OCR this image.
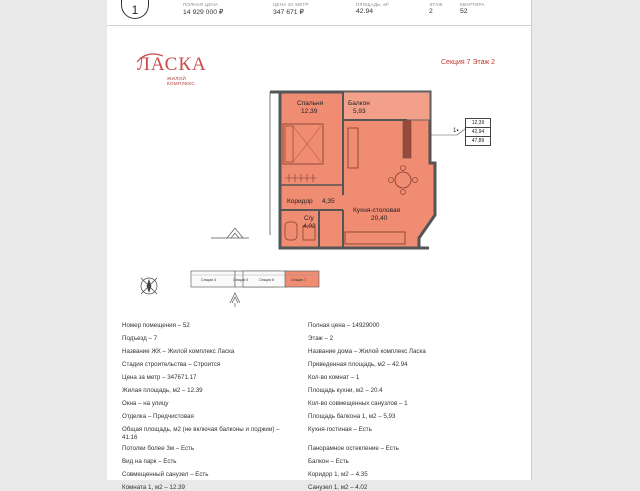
1	ПОЛНАЯ ЦЕНА
14 929 000 ₽
ЦЕНА ЗА МЕТР
347 671 ₽
ПЛОЩАДЬ, М²
42.94
ЭТАЖ
2
КВАРТИРА
52
ЛАСКА
ЖИЛОЙ КОМПЛЕКС
Секция 7 Этаж 2
Спальня
12,39
Балкон
5,93
Коридор 4,35
С/у
4,02
Кухня-столовая
20,40
Секция 4	Секция 5	Секция 6	Секция 7
1▪
12,39
42,94
47,89
Номер помещения – 52
Подъезд – 7
Название ЖК – Жилой комплекс Ласка
Стадия строительства – Строится
Цена за метр – 347671.17
Жилая площадь, м2 – 12.39
Окна – на улицу
Отделка – Предчистовая
Общая площадь, м2 (не включая балконы и лоджии) – 41.16
Потолки более 3м – Есть
Вид на парк – Есть
Совмещенный санузел – Есть
Комната 1, м2 – 12.39
Полная цена – 14929000
Этаж – 2
Название дома – Жилой комплекс Ласка
Приведенная площадь, м2 – 42.94
Кол-во комнат – 1
Площадь кухни, м2 – 20.4
Кол-во совмещенных санузлов – 1
Площадь балкона 1, м2 – 5,93
Кухня-гостиная – Есть
Панорамное остекление – Есть
Балкон – Есть
Коридор 1, м2 – 4.35
Санузел 1, м2 – 4.02
